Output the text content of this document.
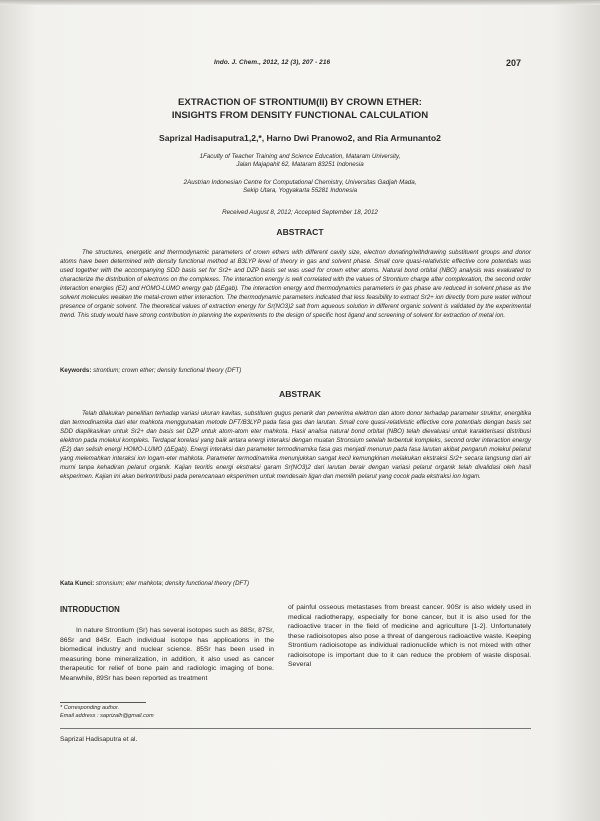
Indo. J. Chem., 2012, 12 (3), 207 - 216	207
EXTRACTION OF STRONTIUM(II) BY CROWN ETHER:
INSIGHTS FROM DENSITY FUNCTIONAL CALCULATION
Saprizal Hadisaputra1,2,*, Harno Dwi Pranowo2, and Ria Armunanto2
1Faculty of Teacher Training and Science Education, Mataram University,
Jalan Majapahit 62, Mataram 83251 Indonesia
2Austrian Indonesian Centre for Computational Chemistry, Universitas Gadjah Mada,
Sekip Utara, Yogyakarta 55281 Indonesia
Received August 8, 2012; Accepted September 18, 2012
ABSTRACT

The structures, energetic and thermodynamic parameters of crown ethers with different cavity size, electron donating/withdrawing substituent groups and donor atoms have been determined with density functional method at B3LYP level of theory in gas and solvent phase. Small core quasi-relativistic effective core potentials was used together with the accompanying SDD basis set for Sr2+ and DZP basis set was used for crown ether atoms. Natural bond orbital (NBO) analysis was evaluated to characterize the distribution of electrons on the complexes. The interaction energy is well correlated with the values of Strontium charge after complexation, the second order interaction energies (E2) and HOMO-LUMO energy gab (ΔEgab). The interaction energy and thermodynamics parameters in gas phase are reduced in solvent phase as the solvent molecules weaken the metal-crown ether interaction. The thermodynamic parameters indicated that less feasibility to extract Sr2+ ion directly from pure water without presence of organic solvent. The theoretical values of extraction energy for Sr(NO3)2 salt from aqueous solution in different organic solvent is validated by the experimental trend. This study would have strong contribution in planning the experiments to the design of specific host ligand and screening of solvent for extraction of metal ion.

Keywords: strontium; crown ether; density functional theory (DFT)
ABSTRAK

Telah dilakukan penelitian terhadap variasi ukuran kavitas, substituen gugus penarik dan penerima elektron dan atom donor terhadap parameter struktur, energitika dan termodinamika dari eter mahkota menggunakan metode DFT/B3LYP pada fasa gas dan larutan. Small core quasi-relativistic effective core potentials dengan basis set SDD diaplikasikan untuk Sr2+ dan basis set DZP untuk atom-atom eter mahkota. Hasil analisa natural bond orbital (NBO) telah dievaluasi untuk karakterisasi distribusi elektron pada molekul kompleks. Terdapat korelasi yang baik antara energi interaksi dengan muatan Stronsium setelah terbentuk kompleks, second order interaction energy (E2) dan selisih energi HOMO-LUMO (ΔEgab). Energi interaksi dan parameter termodinamika fasa gas menjadi menurun pada fasa larutan akibat pengaruh molekul pelarut yang melemahkan interaksi ion logam-eter mahkota. Parameter termodinamika menunjukkan sangat kecil kemungkinan melakukan ekstraksi Sr2+ secara langsung dari air murni tanpa kehadiran pelarut organik. Kajian teoritis energi ekstraksi garam Sr(NO3)2 dari larutan berair dengan variasi pelarut organik telah divalidasi oleh hasil eksperimen. Kajian ini akan berkontribusi pada perencanaan eksperimen untuk mendesain ligan dan memilih pelarut yang cocok pada ekstraksi ion logam.

Kata Kunci: stronsium; eter mahkota; density functional theory (DFT)
INTRODUCTION

In nature Strontium (Sr) has several isotopes such as 88Sr, 87Sr, 86Sr and 84Sr. Each individual isotope has applications in the biomedical industry and nuclear science. 85Sr has been used in measuring bone mineralization, in addition, it also used as cancer therapeutic for relief of bone pain and radiologic imaging of bone. Meanwhile, 89Sr has been reported as treatment

of painful osseous metastases from breast cancer. 90Sr is also widely used in medical radiotherapy, especially for bone cancer, but it is also used for the radioactive tracer in the field of medicine and agriculture [1-2]. Unfortunately these radioisotopes also pose a threat of dangerous radioactive waste. Keeping Strontium radioisotope as individual radionuclide which is not mixed with other radioisotope is important due to it can reduce the problem of waste disposal. Several

* Corresponding author.
Email address : saprizalh@gmail.com
Saprizal Hadisaputra et al.
